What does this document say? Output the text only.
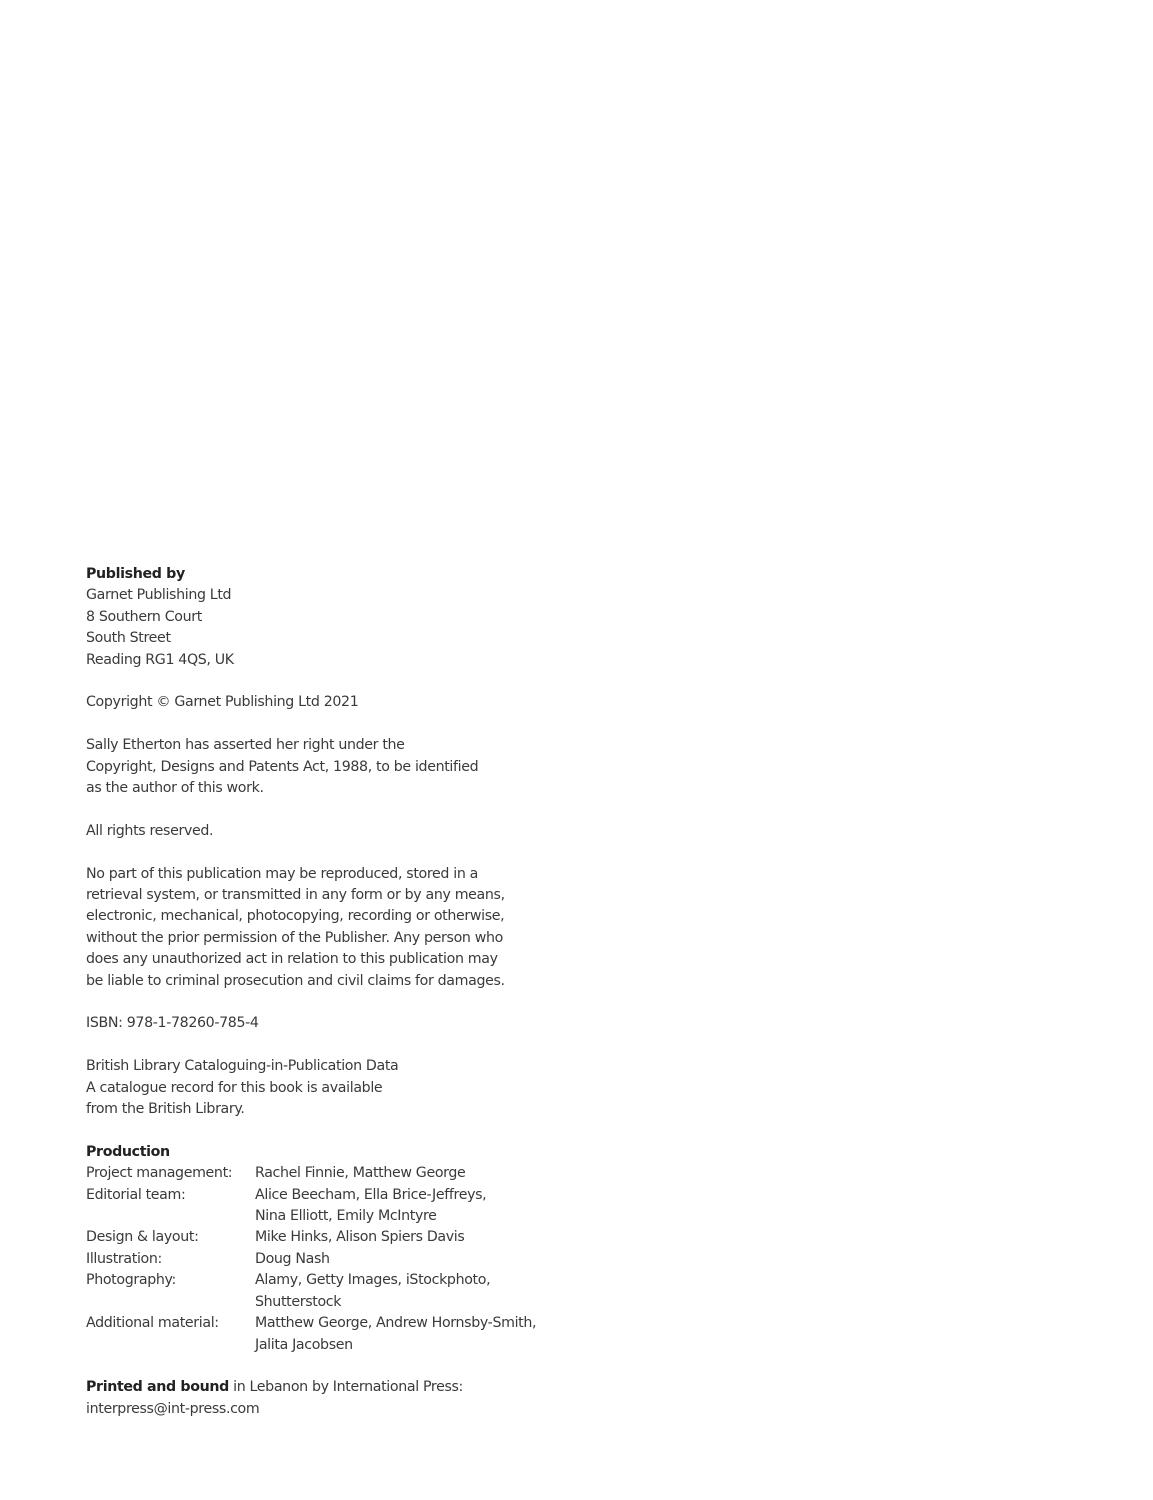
Published by
Garnet Publishing Ltd
8 Southern Court
South Street
Reading RG1 4QS, UK
Copyright © Garnet Publishing Ltd 2021
Sally Etherton has asserted her right under the
Copyright, Designs and Patents Act, 1988, to be identified
as the author of this work.
All rights reserved.
No part of this publication may be reproduced, stored in a
retrieval system, or transmitted in any form or by any means,
electronic, mechanical, photocopying, recording or otherwise,
without the prior permission of the Publisher. Any person who
does any unauthorized act in relation to this publication may
be liable to criminal prosecution and civil claims for damages.
ISBN: 978-1-78260-785-4
British Library Cataloguing-in-Publication Data
A catalogue record for this book is available
from the British Library.
Production
Project management:	Rachel Finnie, Matthew George
Editorial team:	Alice Beecham, Ella Brice-Jeffreys,
Nina Elliott, Emily McIntyre
Design & layout:	Mike Hinks, Alison Spiers Davis
Illustration:	Doug Nash
Photography:	Alamy, Getty Images, iStockphoto,
Shutterstock
Additional material:	Matthew George, Andrew Hornsby-Smith,
Jalita Jacobsen
Printed and bound in Lebanon by International Press:
interpress@int-press.com
